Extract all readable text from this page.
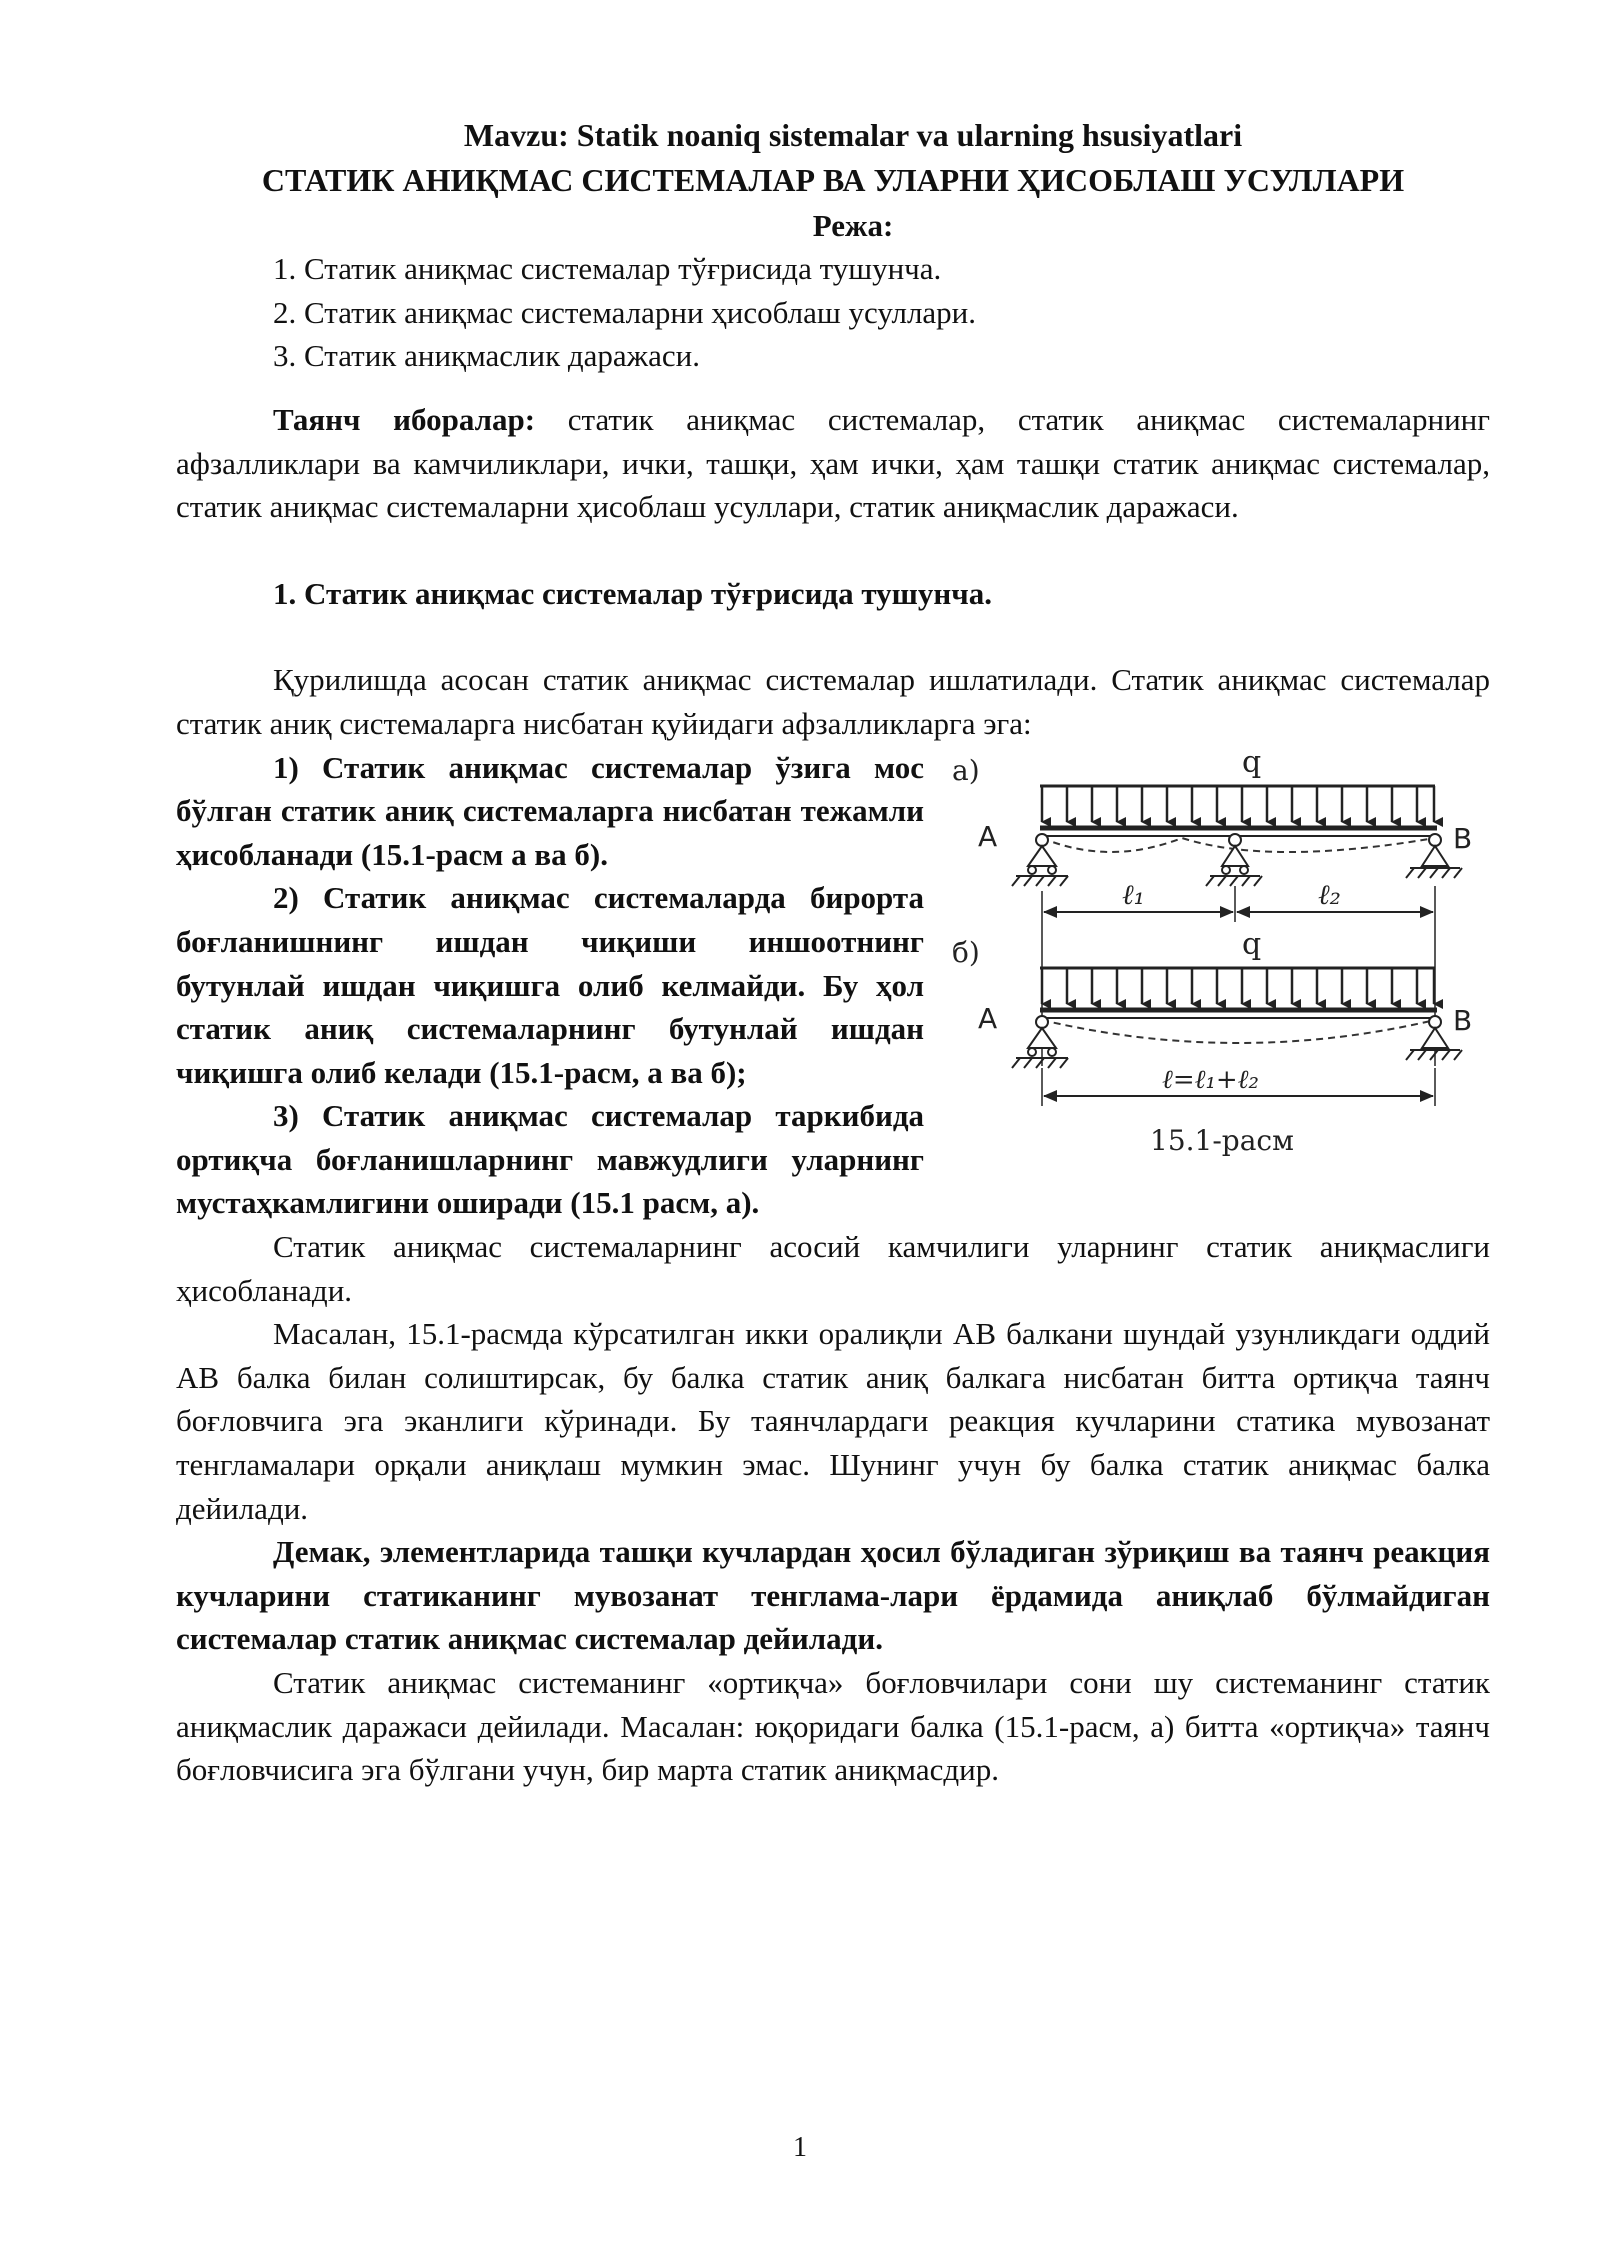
Mavzu: Statik noaniq sistemalar va ularning hsusiyatlari

СТАТИК АНИҚМАС СИСТЕМАЛАР ВА УЛАРНИ ҲИСОБЛАШ УСУЛЛАРИ

Режа:

1. Статик аниқмас системалар тўғрисида тушунча.

2. Статик аниқмас системаларни ҳисоблаш усуллари.

3. Статик аниқмаслик даражаси.

Таянч иборалар: статик аниқмас системалар, статик аниқмас системаларнинг афзалликлари ва камчиликлари, ички, ташқи, ҳам ички, ҳам ташқи статик аниқмас системалар, статик аниқмас системаларни ҳисоблаш усуллари, статик аниқмаслик даражаси.

1. Статик аниқмас системалар тўғрисида тушунча.

Қурилишда асосан статик аниқмас системалар ишлатилади. Статик аниқмас системалар статик аниқ системаларга нисбатан қуйидаги афзалликларга эга:

а)	q
A	B
ℓ₁	ℓ₂
б)	q
A	B
ℓ=ℓ₁+ℓ₂
15.1-расм

1) Статик аниқмас системалар ўзига мос бўлган статик аниқ системаларга нисбатан тежамли ҳисобланади (15.1-расм а ва б).

2) Статик аниқмас системаларда бирорта боғланишнинг ишдан чиқиши иншоотнинг бутунлай ишдан чиқишга олиб келмайди. Бу ҳол статик аниқ системаларнинг бутунлай ишдан чиқишга олиб келади (15.1-расм, а ва б);

3) Статик аниқмас системалар таркибида ортиқча боғланишларнинг мавжудлиги уларнинг мустаҳкамлигини оширади (15.1 расм, а).

Статик аниқмас системаларнинг асосий камчилиги уларнинг статик аниқмаслиги ҳисобланади.

Масалан, 15.1-расмда кўрсатилган икки оралиқли АВ балкани шундай узунликдаги оддий АВ балка билан солиштирсак, бу балка статик аниқ балкага нисбатан битта ортиқча таянч боғловчига эга эканлиги кўринади. Бу таянчлардаги реакция кучларини статика мувозанат тенгламалари орқали аниқлаш мумкин эмас. Шунинг учун бу балка статик аниқмас балка дейилади.

Демак, элементларида ташқи кучлардан ҳосил бўладиган зўриқиш ва таянч реакция кучларини статиканинг мувозанат тенглама-лари ёрдамида аниқлаб бўлмайдиган системалар статик аниқмас системалар дейилади.

Статик аниқмас системанинг «ортиқча» боғловчилари сони шу системанинг статик аниқмаслик даражаси дейилади. Масалан: юқоридаги балка (15.1-расм, а) битта «ортиқча» таянч боғловчисига эга бўлгани учун, бир марта статик аниқмасдир.

1
